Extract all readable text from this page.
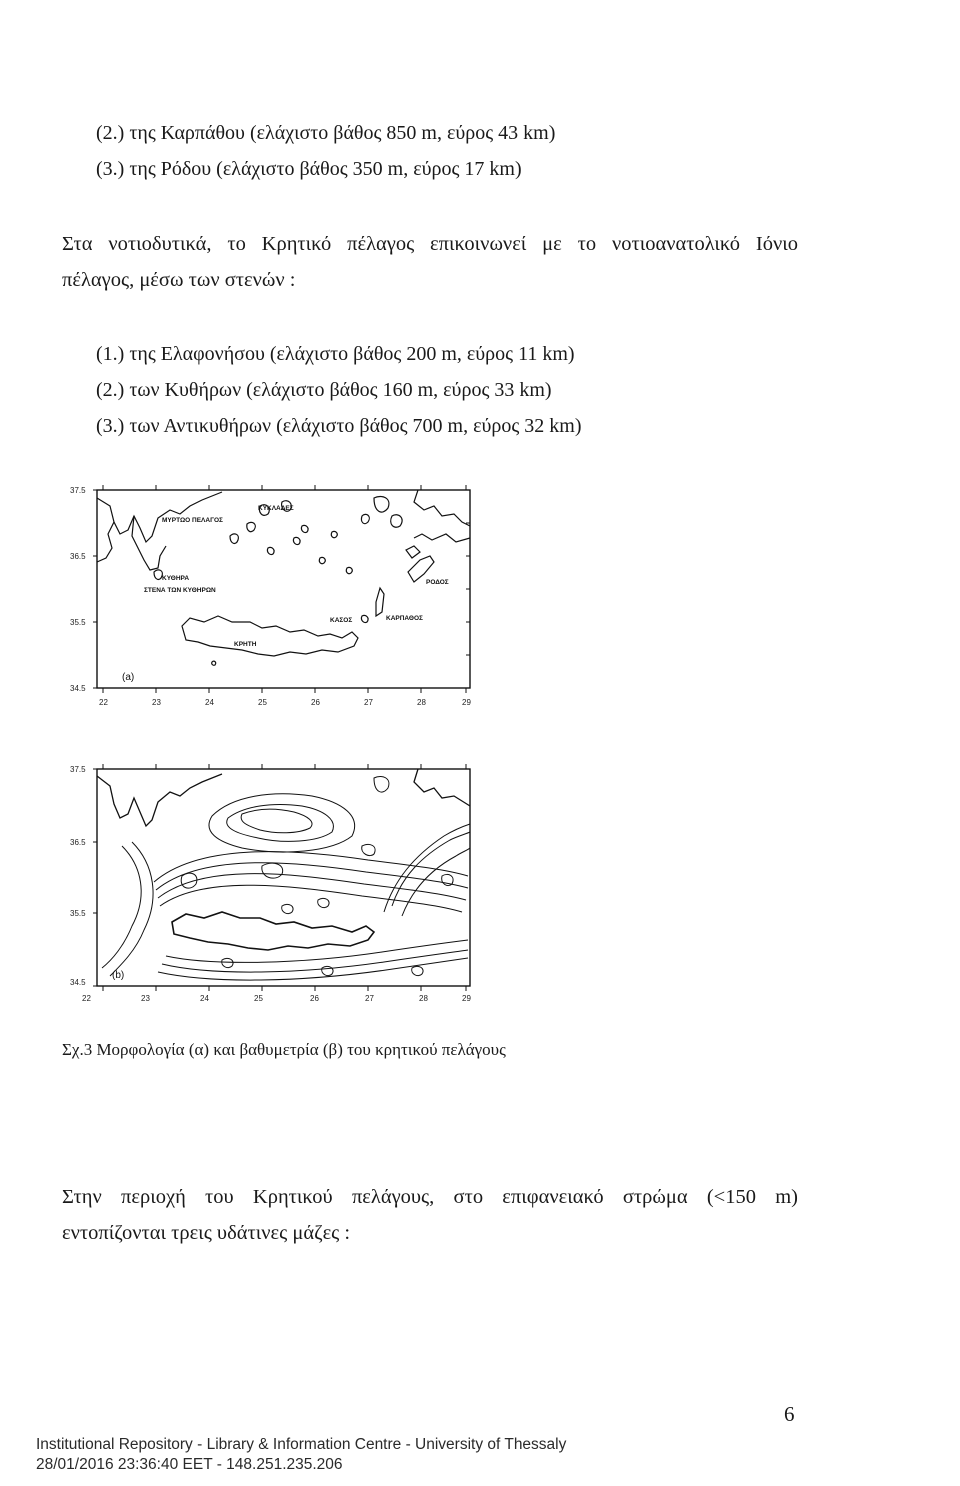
(2.) της Καρπάθου (ελάχιστο βάθος 850 m, εύρος 43 km)
(3.) της Ρόδου (ελάχιστο βάθος 350 m, εύρος 17 km)
Στα νοτιοδυτικά, το Κρητικό πέλαγος επικοινωνεί με το νοτιοανατολικό Ιόνιο
πέλαγος, μέσω των στενών :
(1.) της Ελαφονήσου (ελάχιστο βάθος 200 m, εύρος 11 km)
(2.) των Κυθήρων (ελάχιστο βάθος 160 m, εύρος 33 km)
(3.) των Αντικυθήρων (ελάχιστο βάθος 700 m, εύρος 32 km)
37.5
36.5
35.5
34.5
22	23	24	25	26	27	28	29
ΜΥΡΤΩΟ ΠΕΛΑΓΟΣ
ΚΥΚΛΑΔΕΣ
ΚΥΘΗΡΑ
ΣΤΕΝΑ ΤΩΝ ΚΥΘΗΡΩΝ
ΡΟΔΟΣ
ΚΑΣΟΣ	ΚΑΡΠΑΘΟΣ
ΚΡΗΤΗ
(a)
37.5
36.5
35.5
34.5
22	23	24	25	26	27	28	29
(b)
Σχ.3 Μορφολογία (α) και βαθυμετρία (β) του κρητικού πελάγους
Στην περιοχή του Κρητικού πελάγους, στο επιφανειακό στρώμα (<150 m)
εντοπίζονται τρεις υδάτινες μάζες :
6
Institutional Repository - Library & Information Centre - University of Thessaly
28/01/2016 23:36:40 EET - 148.251.235.206
